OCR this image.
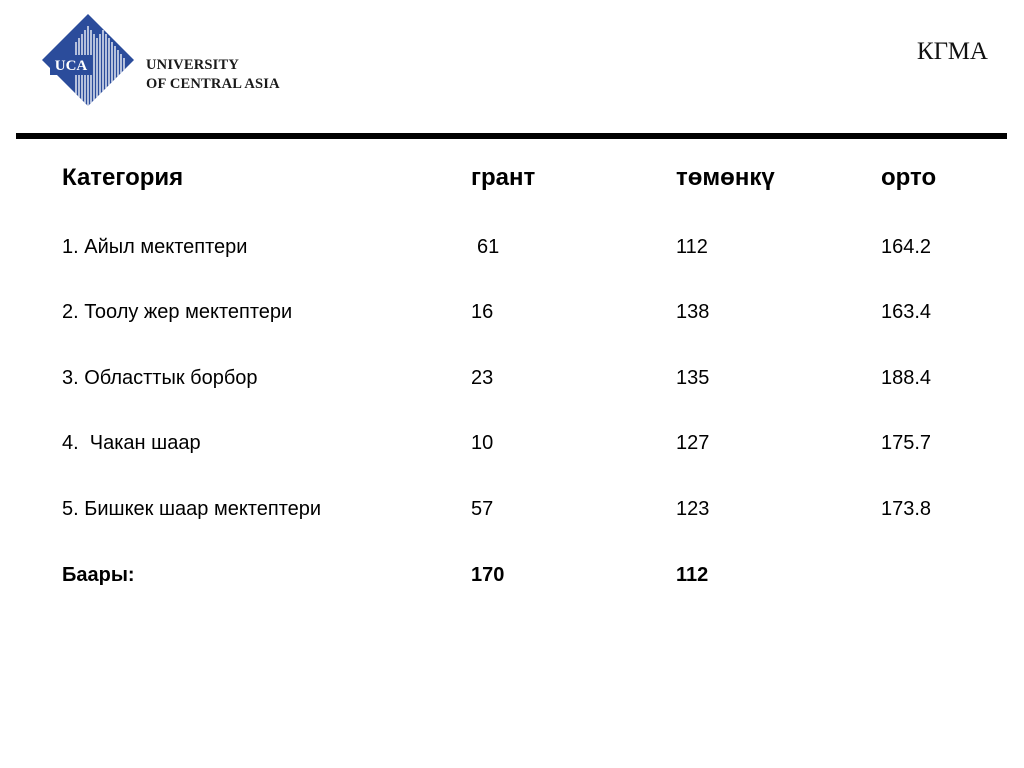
UCA	UNIVERSITY
OF CENTRAL ASIA
КГМА
Категория	грант	төмөнкү	орто
1. Айыл мектептери	61	112	164.2
2. Тоолу жер мектептери	16	138	163.4
3. Областтык борбор	23	135	188.4
4.  Чакан шаар	10	127	175.7
5. Бишкек шаар мектептери	57	123	173.8
Баары:	170	112
